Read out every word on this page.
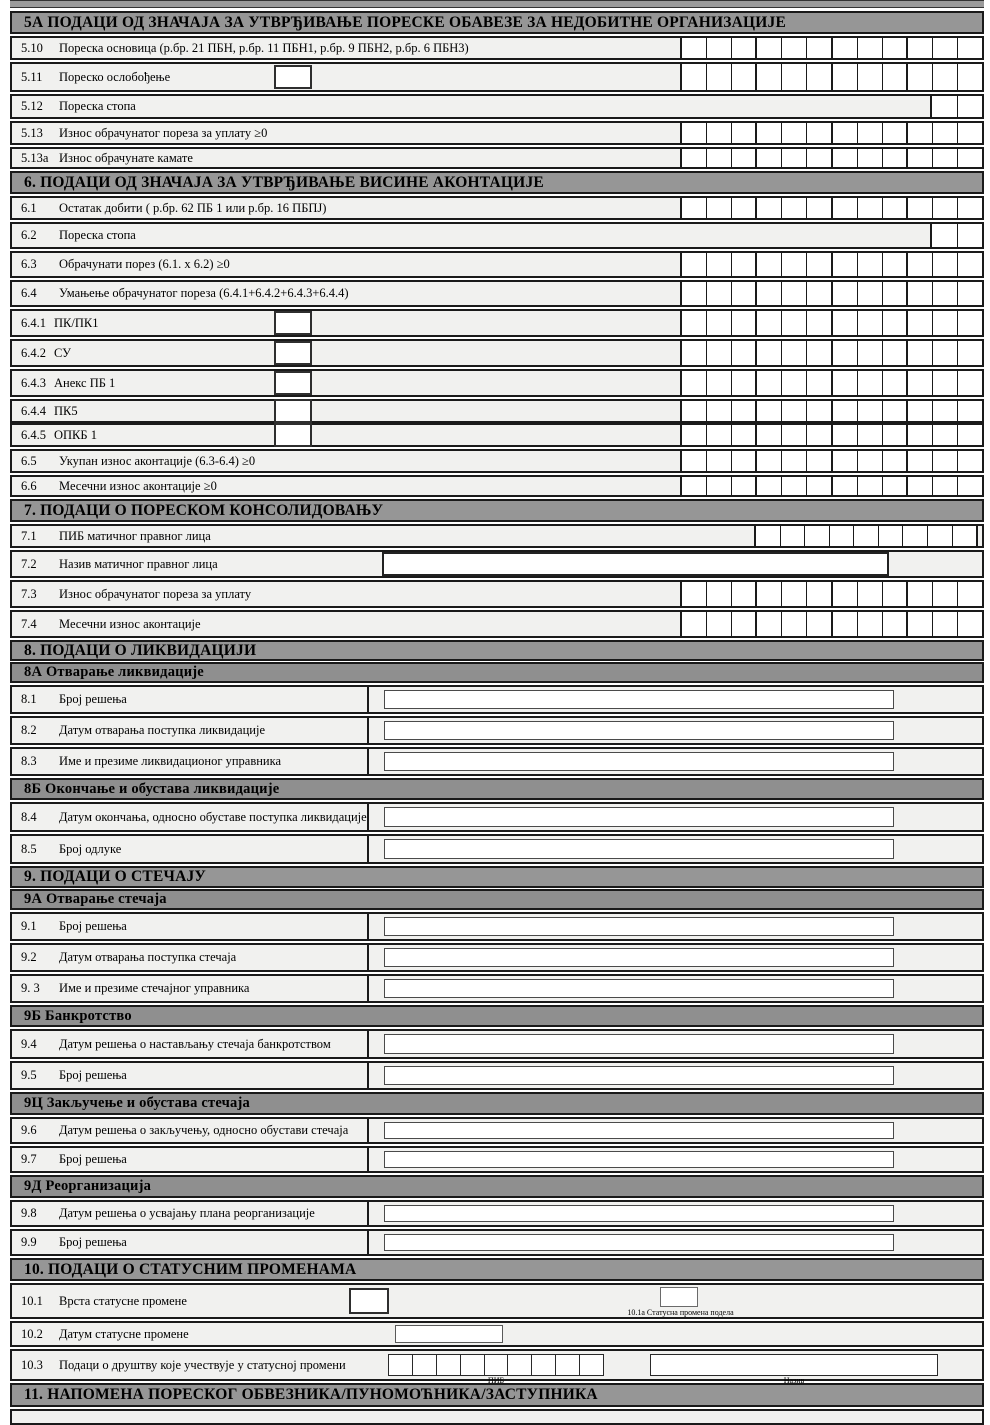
5А ПОДАЦИ ОД ЗНАЧАЈА ЗА УТВРЂИВАЊЕ ПОРЕСКЕ ОБАВЕЗЕ ЗА НЕДОБИТНЕ ОРГАНИЗАЦИЈЕ
5.10	Пореска основица (р.бр. 21 ПБН, р.бр. 11 ПБН1, р.бр. 9 ПБН2, р.бр. 6 ПБН3)
5.11	Пореско ослобођење
5.12	Пореска стопа
5.13	Износ обрачунатог пореза за уплату ≥0
5.13а Износ обрачунате камате
6. ПОДАЦИ ОД ЗНАЧАЈА ЗА УТВРЂИВАЊЕ ВИСИНЕ АКОНТАЦИЈЕ
6.1	Остатак добити ( р.бр. 62 ПБ 1 или р.бр. 16 ПБПЈ)
6.2	Пореска стопа
6.3	Обрачунати порез (6.1. х 6.2) ≥0
6.4	Умањење обрачунатог пореза (6.4.1+6.4.2+6.4.3+6.4.4)
6.4.1 ПК/ПК1
6.4.2 СУ
6.4.3 Анекс ПБ 1
6.4.4 ПК5
6.4.5 ОПКБ 1
6.5	Укупан износ аконтације (6.3-6.4) ≥0
6.6	Месечни износ аконтације ≥0
7. ПОДАЦИ О ПОРЕСКОМ КОНСОЛИДОВАЊУ
7.1	ПИБ матичног правног лица
7.2	Назив матичног правног лица
7.3	Износ обрачунатог пореза за уплату
7.4	Месечни износ аконтације
8. ПОДАЦИ О ЛИКВИДАЦИЈИ
8А Отварање ликвидације
8.1	Број решења
8.2	Датум отварања поступка ликвидације
8.3	Име и презиме ликвидационог управника
8Б Окончање и обустава ликвидације
8.4	Датум окончања, односно обуставе поступка ликвидације
8.5	Број одлуке
9. ПОДАЦИ О СТЕЧАЈУ
9А Отварање стечаја
9.1	Број решења
9.2	Датум отварања поступка стечаја
9. 3	Име и презиме стечајног управника
9Б Банкротство
9.4	Датум решења о настављању стечаја банкротством
9.5	Број решења
9Ц Закључење и обустава стечаја
9.6	Датум решења о закључењу, односно обустави стечаја
9.7	Број решења
9Д Реорганизација
9.8	Датум решења о усвајању плана реорганизације
9.9	Број решења
10. ПОДАЦИ О СТАТУСНИМ ПРОМЕНАМА
10.1	Врста статусне промене
10.1а Статусна промена подела
10.2	Датум статусне промене
10.3	Подаци о друштву које учествује у статусној промени
ПИБ	Назив
11. НАПОМЕНА ПОРЕСКОГ ОБВЕЗНИКА/ПУНОМОЋНИКА/ЗАСТУПНИКА
